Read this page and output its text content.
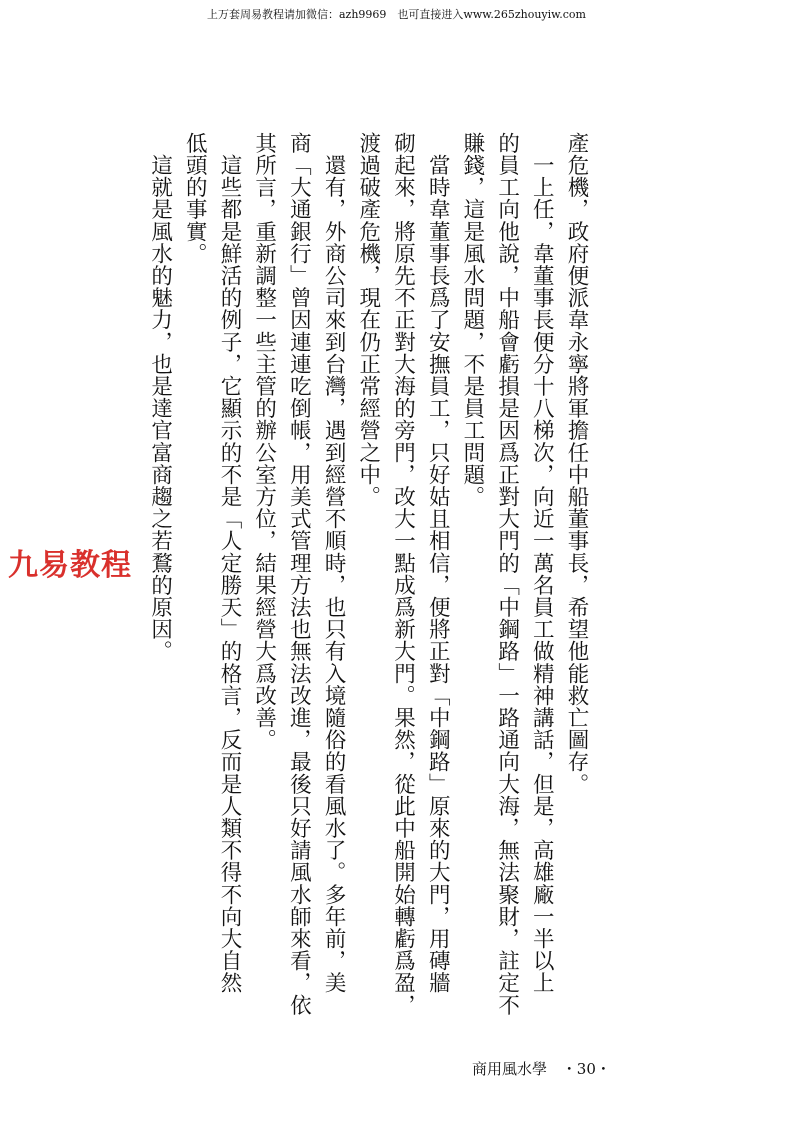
上万套周易教程请加微信：azh9969　也可直接进入www.265zhouyiw.com
產危機，政府便派韋永寧將軍擔任中船董事長，希望他能救亡圖存。
　一上任，韋董事長便分十八梯次，向近一萬名員工做精神講話，但是，高雄廠一半以上
的員工向他說，中船會虧損是因爲正對大門的「中鋼路」一路通向大海，無法聚財，註定不
賺錢，這是風水問題，不是員工問題。
　當時韋董事長爲了安撫員工，只好姑且相信，便將正對「中鋼路」原來的大門，用磚牆
砌起來，將原先不正對大海的旁門，改大一點成爲新大門。果然，從此中船開始轉虧爲盈，
渡過破產危機，現在仍正常經營之中。
　還有，外商公司來到台灣，遇到經營不順時，也只有入境隨俗的看風水了。多年前，美
商「大通銀行」曾因連連吃倒帳，用美式管理方法也無法改進，最後只好請風水師來看，依
其所言，重新調整一些主管的辦公室方位，結果經營大爲改善。
　這些都是鮮活的例子，它顯示的不是「人定勝天」的格言，反而是人類不得不向大自然
低頭的事實。
　這就是風水的魅力，也是達官富商趨之若鶩的原因。
九易教程
商用風水學 ・30・
